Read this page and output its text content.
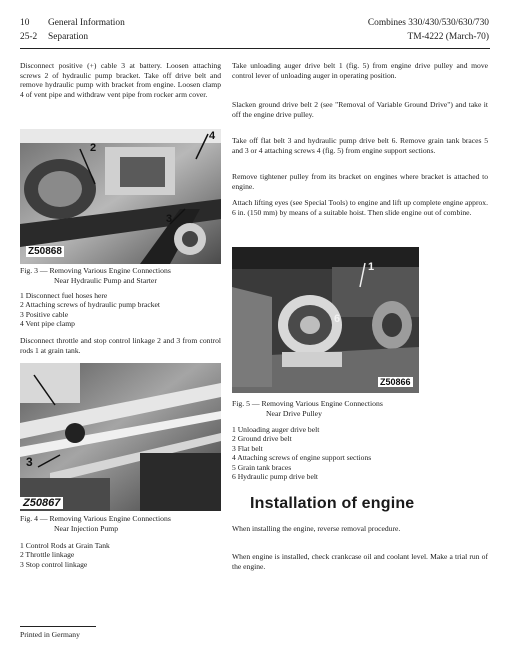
10 General Information	Combines 330/430/530/630/730
25-2 Separation	TM-4222 (March-70)
Disconnect positive (+) cable 3 at battery. Loosen attaching screws 2 of hydraulic pump bracket. Take off drive belt and remove hydraulic pump with bracket from engine. Loosen clamp 4 of vent pipe and withdraw vent pipe from rocker arm cover.
2
3
4
Z50868
Fig. 3 — Removing Various Engine Connections
Near Hydraulic Pump and Starter
1 Disconnect fuel hoses here
2 Attaching screws of hydraulic pump bracket
3 Positive cable
4 Vent pipe clamp
Disconnect throttle and stop control linkage 2 and 3 from control rods 1 at grain tank.
3
Z50867
Fig. 4 — Removing Various Engine Connections
Near Injection Pump
1 Control Rods at Grain Tank
2 Throttle linkage
3 Stop control linkage
Take unloading auger drive belt 1 (fig. 5) from engine drive pulley and move control lever of unloading auger in operating position.
Slacken ground drive belt 2 (see "Removal of Variable Ground Drive") and take it off the engine drive pulley.
Take off flat belt 3 and hydraulic pump drive belt 6. Remove grain tank braces 5 and 3 or 4 attaching screws 4 (fig. 5) from engine support sections.
Remove tightener pulley from its bracket on engines where bracket is attached to engine.
Attach lifting eyes (see Special Tools) to engine and lift up complete engine approx. 6 in. (150 mm) by means of a suitable hoist. Then slide engine out of combine.
1
6
Z50866
Fig. 5 — Removing Various Engine Connections
Near Drive Pulley
1 Unloading auger drive belt
2 Ground drive belt
3 Flat belt
4 Attaching screws of engine support sections
5 Grain tank braces
6 Hydraulic pump drive belt
Installation of engine
When installing the engine, reverse removal procedure.
When engine is installed, check crankcase oil and coolant level. Make a trial run of the engine.
Printed in Germany
